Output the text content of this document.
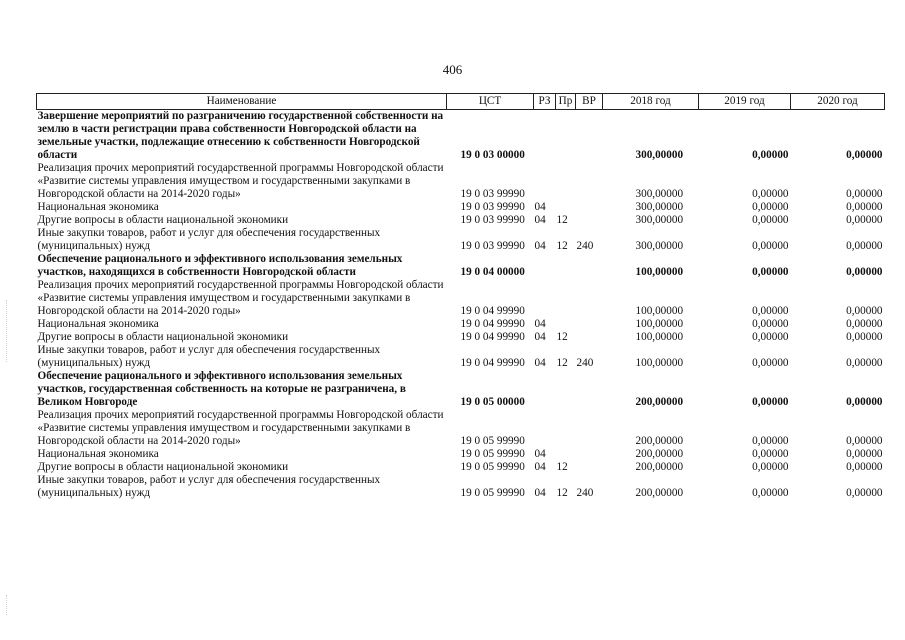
406
Наименование	ЦСТ	РЗ	Пр	ВР	2018 год	2019 год	2020 год
Завершение мероприятий по разграничению государственной собственности на землю в части регистрации права собственности Новгородской области на земельные участки, подлежащие отнесению к собственности Новгородской области	19 0 03 00000				300,00000	0,00000	0,00000
Реализация прочих мероприятий государственной программы Новгородской области «Развитие системы управления имуществом и государственными закупками в Новгородской области на 2014-2020 годы»	19 0 03 99990				300,00000	0,00000	0,00000
Национальная экономика	19 0 03 99990	04			300,00000	0,00000	0,00000
Другие вопросы в области национальной экономики	19 0 03 99990	04	12		300,00000	0,00000	0,00000
Иные закупки товаров, работ и услуг для обеспечения государственных (муниципальных) нужд	19 0 03 99990	04	12	240	300,00000	0,00000	0,00000
Обеспечение рационального и эффективного использования земельных участков, находящихся в собственности Новгородской области	19 0 04 00000				100,00000	0,00000	0,00000
Реализация прочих мероприятий государственной программы Новгородской области «Развитие системы управления имуществом и государственными закупками в Новгородской области на 2014-2020 годы»	19 0 04 99990				100,00000	0,00000	0,00000
Национальная экономика	19 0 04 99990	04			100,00000	0,00000	0,00000
Другие вопросы в области национальной экономики	19 0 04 99990	04	12		100,00000	0,00000	0,00000
Иные закупки товаров, работ и услуг для обеспечения государственных (муниципальных) нужд	19 0 04 99990	04	12	240	100,00000	0,00000	0,00000
Обеспечение рационального и эффективного использования земельных участков, государственная собственность на которые не разграничена, в Великом Новгороде	19 0 05 00000				200,00000	0,00000	0,00000
Реализация прочих мероприятий государственной программы Новгородской области «Развитие системы управления имуществом и государственными закупками в Новгородской области на 2014-2020 годы»	19 0 05 99990				200,00000	0,00000	0,00000
Национальная экономика	19 0 05 99990	04			200,00000	0,00000	0,00000
Другие вопросы в области национальной экономики	19 0 05 99990	04	12		200,00000	0,00000	0,00000
Иные закупки товаров, работ и услуг для обеспечения государственных (муниципальных) нужд	19 0 05 99990	04	12	240	200,00000	0,00000	0,00000
